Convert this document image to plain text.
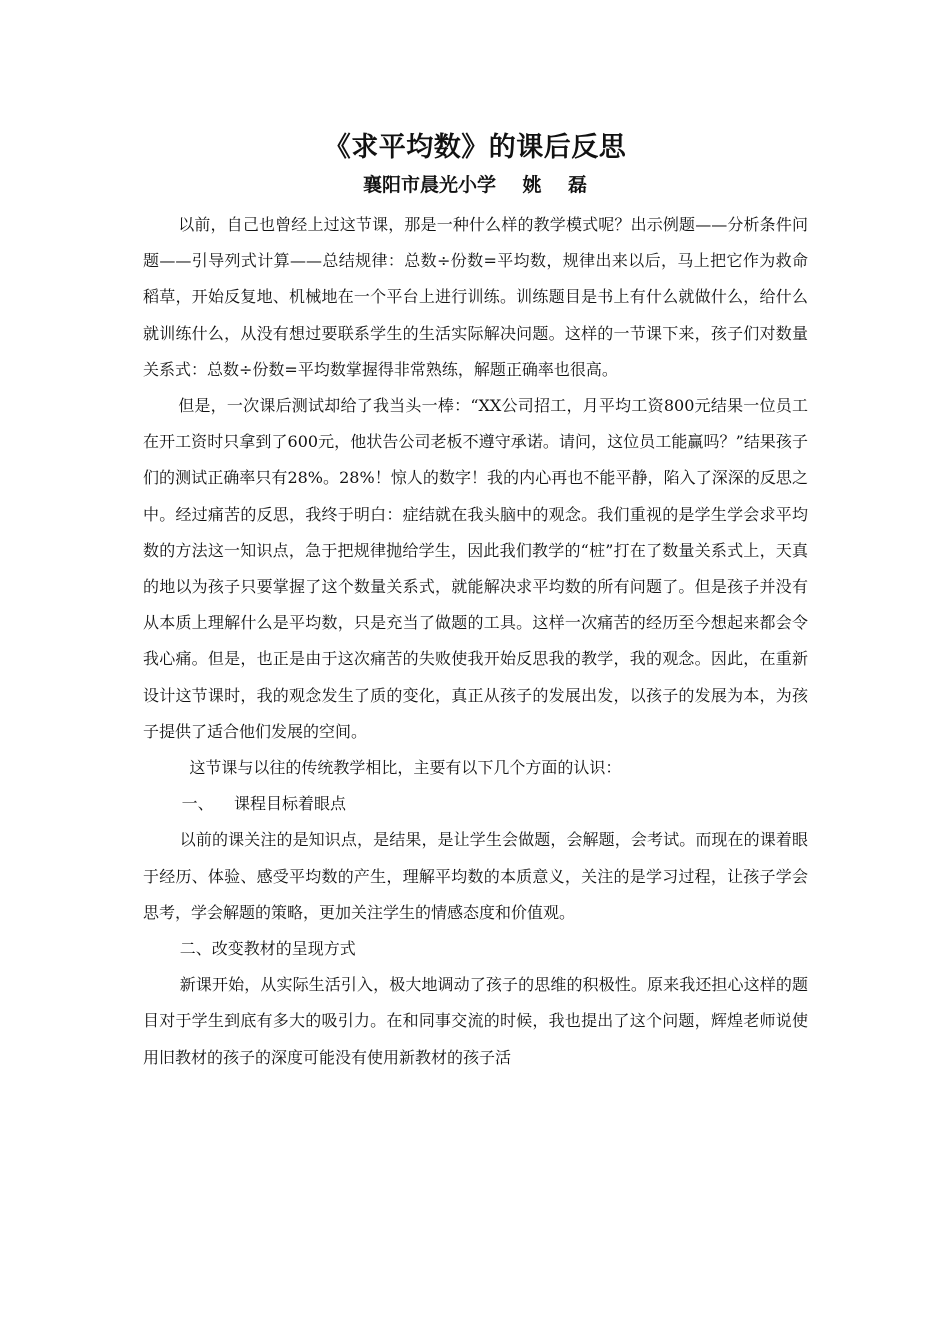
《求平均数》的课后反思
襄阳市晨光小学    姚    磊

以前，自己也曾经上过这节课，那是一种什么样的教学模式呢？出示例题——分析条件问题——引导列式计算——总结规律：总数÷份数=平均数，规律出来以后，马上把它作为救命稻草，开始反复地、机械地在一个平台上进行训练。训练题目是书上有什么就做什么，给什么就训练什么，从没有想过要联系学生的生活实际解决问题。这样的一节课下来，孩子们对数量关系式：总数÷份数=平均数掌握得非常熟练，解题正确率也很高。

但是，一次课后测试却给了我当头一棒：“XX公司招工，月平均工资800元结果一位员工在开工资时只拿到了600元，他状告公司老板不遵守承诺。请问，这位员工能赢吗？”结果孩子们的测试正确率只有28%。28%！惊人的数字！我的内心再也不能平静，陷入了深深的反思之中。经过痛苦的反思，我终于明白：症结就在我头脑中的观念。我们重视的是学生学会求平均数的方法这一知识点，急于把规律抛给学生，因此我们教学的“桩”打在了数量关系式上，天真的地以为孩子只要掌握了这个数量关系式，就能解决求平均数的所有问题了。但是孩子并没有从本质上理解什么是平均数，只是充当了做题的工具。这样一次痛苦的经历至今想起来都会令我心痛。但是，也正是由于这次痛苦的失败使我开始反思我的教学，我的观念。因此，在重新设计这节课时，我的观念发生了质的变化，真正从孩子的发展出发，以孩子的发展为本，为孩子提供了适合他们发展的空间。

这节课与以往的传统教学相比，主要有以下几个方面的认识：

一、    课程目标着眼点

以前的课关注的是知识点，是结果，是让学生会做题，会解题，会考试。而现在的课着眼于经历、体验、感受平均数的产生，理解平均数的本质意义，关注的是学习过程，让孩子学会思考，学会解题的策略，更加关注学生的情感态度和价值观。

二、改变教材的呈现方式

新课开始，从实际生活引入，极大地调动了孩子的思维的积极性。原来我还担心这样的题目对于学生到底有多大的吸引力。在和同事交流的时候，我也提出了这个问题，辉煌老师说使用旧教材的孩子的深度可能没有使用新教材的孩子活
